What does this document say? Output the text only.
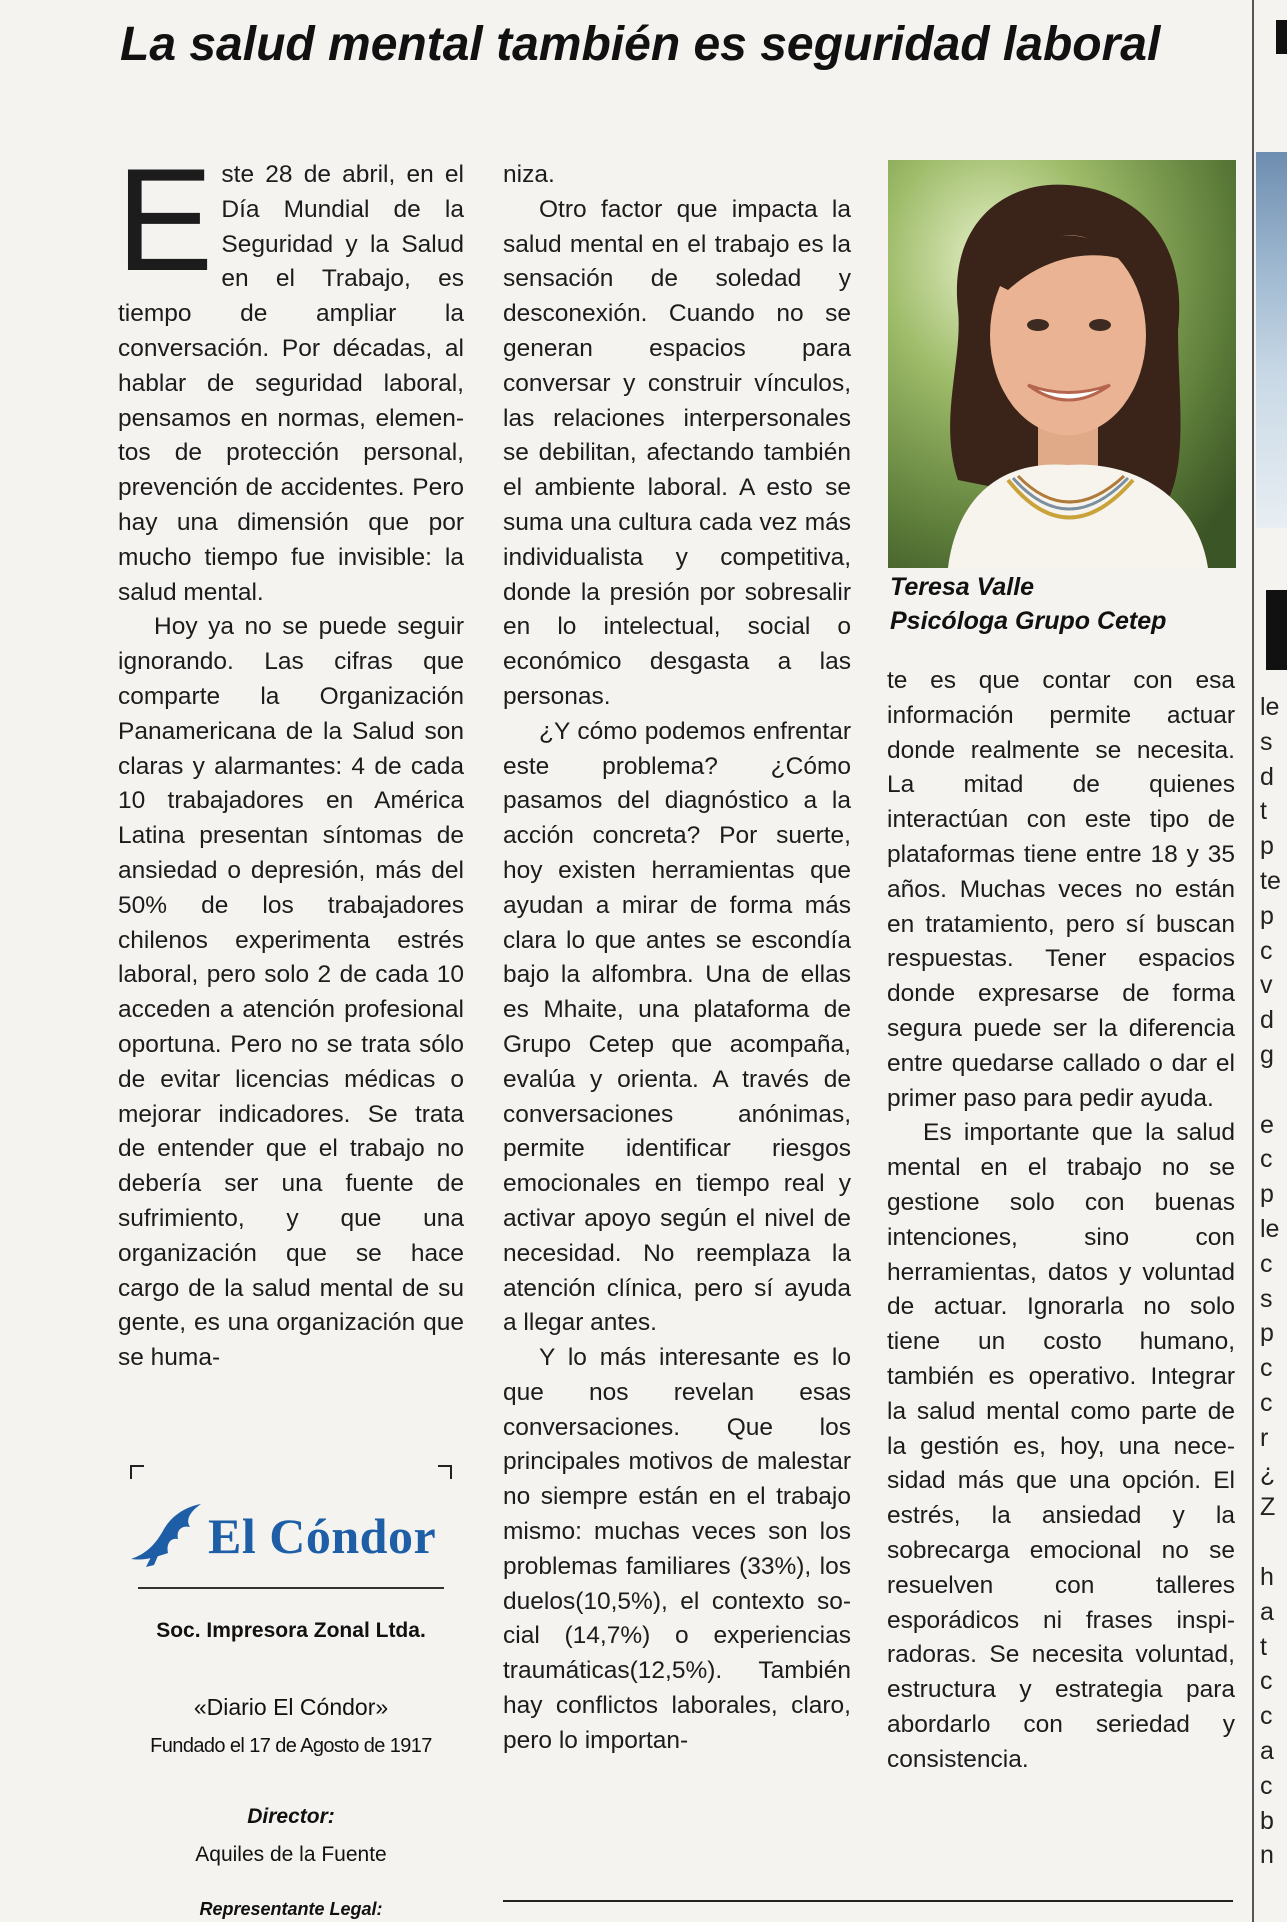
La salud mental también es seguridad laboral

Este 28 de abril, en el Día Mundial de la Seguridad y la Salud en el Trabajo, es tiempo de ampliar la conversación. Por décadas, al hablar de seguridad laboral, pensamos en normas, elementos de protección personal, prevención de accidentes. Pero hay una dimensión que por mucho tiempo fue invisible: la salud mental.

Hoy ya no se puede seguir ignorando. Las cifras que comparte la Organización Panamericana de la Salud son claras y alarmantes: 4 de cada 10 trabajadores en América Latina presentan síntomas de ansiedad o depresión, más del 50% de los trabajadores chilenos experimenta estrés laboral, pero solo 2 de cada 10 acceden a atención profesional oportuna. Pero no se trata sólo de evitar licencias médicas o mejorar indicadores. Se trata de entender que el trabajo no debería ser una fuente de sufrimiento, y que una organización que se hace cargo de la salud mental de su gente, es una organización que se huma-

niza.

Otro factor que impacta la salud mental en el trabajo es la sensación de soledad y desconexión. Cuando no se generan espacios para conversar y construir vínculos, las relaciones interpersonales se debilitan, afectando también el ambiente laboral. A esto se suma una cultura cada vez más individualista y competitiva, donde la presión por sobresalir en lo intelectual, social o económico desgasta a las personas.

¿Y cómo podemos enfrentar este problema? ¿Cómo pasamos del diagnóstico a la acción concreta? Por suerte, hoy existen herramientas que ayudan a mirar de forma más clara lo que antes se escondía bajo la alfombra. Una de ellas es Mhaite, una plataforma de Grupo Cetep que acompaña, evalúa y orienta. A través de conversaciones anónimas, permite identificar riesgos emocionales en tiempo real y activar apoyo según el nivel de necesidad. No reemplaza la atención clínica, pero sí ayuda a llegar antes.

Y lo más interesante es lo que nos revelan esas conversaciones. Que los principales motivos de malestar no siempre están en el trabajo mismo: muchas veces son los problemas familiares (33%), los duelos(10,5%), el contexto social (14,7%) o experiencias traumáticas(12,5%). También hay conflictos laborales, claro, pero lo importan-

Teresa Valle
Psicóloga Grupo Cetep

te es que contar con esa información permite actuar donde realmente se necesita. La mitad de quienes interactúan con este tipo de plataformas tiene entre 18 y 35 años. Muchas veces no están en tratamiento, pero sí buscan respuestas. Tener espacios donde expresarse de forma segura puede ser la diferencia entre quedarse callado o dar el primer paso para pedir ayuda.

Es importante que la salud mental en el trabajo no se gestione solo con buenas intenciones, sino con herramientas, datos y voluntad de actuar. Ignorarla no solo tiene un costo humano, también es operativo. Integrar la salud mental como parte de la gestión es, hoy, una necesidad más que una opción. El estrés, la ansiedad y la sobrecarga emocional no se resuelven con talleres esporádicos ni frases inspiradoras. Se necesita voluntad, estructura y estrategia para abordarlo con seriedad y consistencia.

El Cóndor
Soc. Impresora Zonal Ltda.
«Diario El Cóndor»
Fundado el 17 de Agosto de 1917
Director:
Aquiles de la Fuente
Representante Legal:
le
s
d
t
p
te
p
c
v
d
g

e
c
p
le
c
s
p
c
c
r
¿
Z

h
a
t
c
c
a
c
b
n
